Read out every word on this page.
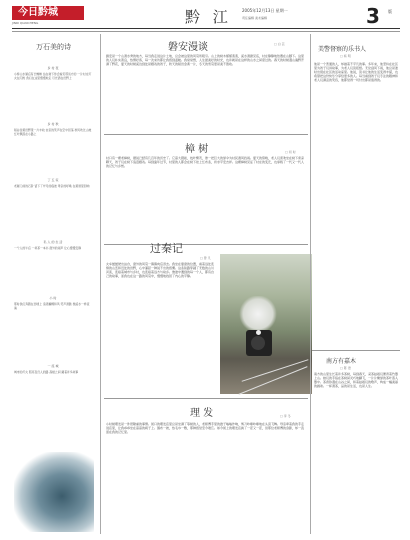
今日黔城
JINRI QIANCHENG	黔 江	2005年12月13日 星期一
责任编辑 美术编辑	3 版
万石美的诗
乡 村 夜
小桥山水屋后有长蜘蛛 站在树下你会看见那远方的 一片村庄灯火在闪烁 我们在这里慢慢地走 月光洒在田野上
乡 村 秋
稻谷金黄田野里一片丰收 农家的笑声在空中回荡 秋风吹过山坡 红叶飘落在小路上
丁 五 家
老屋门前的石阶 留下了岁月的痕迹 母亲的呼唤 在黄昏里回响
私 人 的 生 活
一个人的午后 一杯茶一本书 窗外的雨声 让心慢慢安静
小 时
那时我们奔跑在田埂上 追逐蝴蝶和风 笑声清脆 像溪水一样流淌
一 座 城
城市的灯火 照亮夜归人的路 高楼之间 藏着许多故事
磐安漫谈	□ 白 芸
磐安是一个山清水秀的地方，每当我走进这片土地，总会被这里的风景所吸引。山上的树木郁郁葱葱，溪水清澈见底，村庄静静地依偎在山脚下。这里的人们朴实善良，热情好客，每一次来访都让我感到温暖。我常常想，人生最美好的时光，也许就是在这样的山水之间度过的。春天的时候漫山遍野开满了野花，夏天的时候溪边到处是嬉戏的孩子，秋天的稻田金黄一片，冬天的雪景更是美不胜收。
樟 树	□ 何 时
村口有一棵老樟树，据说已经有几百年的历史了。它高大挺拔，枝叶繁茂，像一把巨大的绿伞为村民遮风挡雨。夏天的傍晚，老人们喜欢坐在树下乘凉聊天，孩子们在树下追逐嬉戏。每到逢年过节，村里的人都会在树下挂上红布条，祈求平安吉祥。这棵樟树见证了村庄的变迁，也承载了一代又一代人的记忆与乡愁。
过秦记
□ 曾 凡
火车缓缓驶出站台，窗外的风景一幕幕向后退去。我坐在靠窗的位置，看着远处连绵的山峦和近处的田野，心中涌起一种说不出的感慨。这条铁路穿越了无数的山川河流，连接着城市与乡村，也连接着远方与故乡。旅途中遇到的每一个人，都有自己的故事，而我也在这一路的风景中，慢慢地找回了内心的平静。
理 发	□ 李 冬
小时候理发是一件很隆重的事情。街口的理发店里总是坐满了等候的人，老师傅手里的推子嗡嗡作响，剪刀咔嚓咔嚓地在头顶飞舞。母亲牵着我的手走进店里，让我乖乖坐在高高的椅子上。围布一披，热毛巾一敷，那种感觉至今难忘。如今街上的理发店换了一茬又一茬，但那位老师傅的身影，却一直留在我的记忆里。
美警督察的乐书人
□ 杨 明
他是一个普通的人，却做着不平凡的事。多年来，他坚持在社区里为孩子们讲故事，为老人们读报纸。无论刮风下雨，他总是准时出现在社区的活动室里。他说，读书让他的生活变得丰富，也希望把这份快乐分享给更多的人。每当看到孩子们专注的眼神和老人们满意的笑容，他都觉得一切付出都是值得的。
南方有嘉木
□ 陈 语
南方的山里生长着许多茶树，每到春天，采茶姑娘们便背着竹篓上山。她们的手指在茶树间灵巧地翻飞，一片片嫩绿的茶叶落入篓中。茶香弥漫在山谷之间，和着姑娘们的歌声，构成一幅美丽的画卷。一杯清茶，品的是生活，也是人生。
